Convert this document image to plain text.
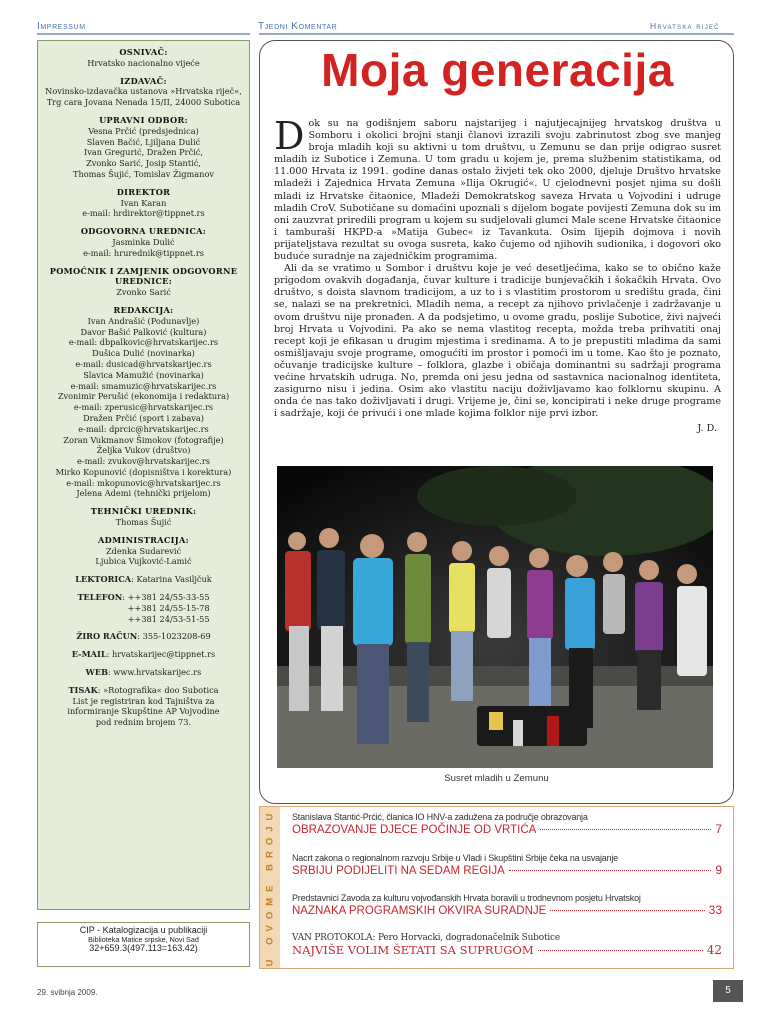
Impressum	Tjedni Komentar	Hrvatska riječ
OSNIVAČ:
Hrvatsko nacionalno vijeće
IZDAVAČ:
Novinsko-izdavačka ustanova »Hrvatska riječ«,
Trg cara Jovana Nenada 15/II, 24000 Subotica
UPRAVNI ODBOR:
Vesna Prčić (predsjednica)
Slaven Bačić, Ljiljana Dulić
Ivan Gregurić, Dražen Prčić,
Zvonko Sarić, Josip Stantić,
Thomas Šujić, Tomislav Žigmanov
DIREKTOR
Ivan Karan
e-mail: hrdirektor@tippnet.rs
ODGOVORNA UREDNICA:
Jasminka Dulić
e-mail: hrurednik@tippnet.rs
POMOĆNIK I ZAMJENIK ODGOVORNE UREDNICE:
Zvonko Sarić
REDAKCIJA:
Ivan Andrašić (Podunavlje)
Davor Bašić Palković (kultura)
e-mail: dbpalkovic@hrvatskarijec.rs
Dušica Dulić (novinarka)
e-mail: dusicad@hrvatskarijec.rs
Slavica Mamužić (novinarka)
e-mail: smamuzic@hrvatskarijec.rs
Zvonimir Perušić (ekonomija i redaktura)
e-mail: zperusic@hrvatskarijec.rs
Dražen Prčić (sport i zabava)
e-mail: dprcic@hrvatskarijec.rs
Zoran Vukmanov Šimokov (fotografije)
Željka Vukov (društvo)
e-mail: zvukov@hrvatskarijec.rs
Mirko Kopunović (dopisništva i korektura)
e-mail: mkopunovic@hrvatskarijec.rs
Jelena Ademi (tehnički prijelom)
TEHNIČKI UREDNIK:
Thomas Šujić
ADMINISTRACIJA:
Zdenka Sudarević
Ljubica Vujković-Lamić
LEKTORICA: Katarina Vasiljčuk
TELEFON: ++381 24/55-33-55
++381 24/55-15-78
++381 24/53-51-55
ŽIRO RAČUN: 355-1023208-69
E-MAIL: hrvatskarijec@tippnet.rs
WEB: www.hrvatskarijec.rs
TISAK: »Rotografika« doo Subotica
List je registriran kod Tajništva za
informiranje Skupštine AP Vojvodine
pod rednim brojem 73.
CIP - Katalogizacija u publikaciji
Biblioteka Matice srpske, Novi Sad
32+659.3(497.113=163.42)
Moja generacija

Dok su na godišnjem saboru najstarijeg i najutjecajnijeg hrvatskog društva u Somboru i okolici brojni stanji članovi izrazili svoju zabrinutost zbog sve manjeg broja mladih koji su aktivni u tom društvu, u Zemunu se dan prije odigrao susret mladih iz Subotice i Zemuna. U tom gradu u kojem je, prema službenim statistikama, od 11.000 Hrvata iz 1991. godine danas ostalo živjeti tek oko 2000, djeluje Društvo hrvatske mladeži i Zajednica Hrvata Zemuna »Ilija Okrugić«. U cjelodnevni posjet njima su došli mladi iz Hrvatske čitaonice, Mladeži Demokratskog saveza Hrvata u Vojvodini i udruge mladih CroV. Subotičane su domaćini upoznali s dijelom bogate povijesti Zemuna dok su im oni zauzvrat priredili program u kojem su sudjelovali glumci Male scene Hrvatske čitaonice i tamburaši HKPD-a »Matija Gubec« iz Tavankuta. Osim lijepih dojmova i novih prijateljstava rezultat su ovoga susreta, kako čujemo od njihovih sudionika, i dogovori oko buduće suradnje na zajedničkim programima.

Ali da se vratimo u Sombor i društvu koje je već desetljećima, kako se to obično kaže prigodom ovakvih događanja, čuvar kulture i tradicije bunjevačkih i šokačkih Hrvata. Ovo društvo, s doista slavnom tradicijom, a uz to i s vlastitim prostorom u središtu grada, čini se, nalazi se na prekretnici. Mladih nema, a recept za njihovo privlačenje i zadržavanje u ovom društvu nije pronađen. A da podsjetimo, u ovome gradu, poslije Subotice, živi najveći broj Hrvata u Vojvodini. Pa ako se nema vlastitog recepta, možda treba prihvatiti onaj recept koji je efikasan u drugim mjestima i sredinama. A to je prepustiti mladima da sami osmišljavaju svoje programe, omogućiti im prostor i pomoći im u tome. Kao što je poznato, očuvanje tradicijske kulture – folklora, glazbe i običaja dominantni su sadržaji programa većine hrvatskih udruga. No, premda oni jesu jedna od sastavnica nacionalnog identiteta, zasigurno nisu i jedina. Osim ako vlastitu naciju doživljavamo kao folklornu skupinu. A onda će nas tako doživljavati i drugi. Vrijeme je, čini se, koncipirati i neke druge programe i sadržaje, koji će privući i one mlade kojima folklor nije prvi izbor.

J. D.
Susret mladih u Zemunu
U OVOME BROJU Stanislava Stantić-Prćić, članica IO HNV-a zadužena za područje obrazovanja
OBRAZOVANJE DJECE POČINJE OD VRTIĆA	7
Nacrt zakona o regionalnom razvoju Srbije u Vladi i Skupštini Srbije čeka na usvajanje
SRBIJU PODIJELITI NA SEDAM REGIJA	9
Predstavnici Zavoda za kulturu vojvođanskih Hrvata boravili u trodnevnom posjetu Hrvatskoj
NAZNAKA PROGRAMSKIH OKVIRA SURADNJE	33
VAN PROTOKOLA: Pero Horvacki, dogradonačelnik Subotice
NAJVIŠE VOLIM ŠETATI SA SUPRUGOM	42
29. svibnja 2009.	5
